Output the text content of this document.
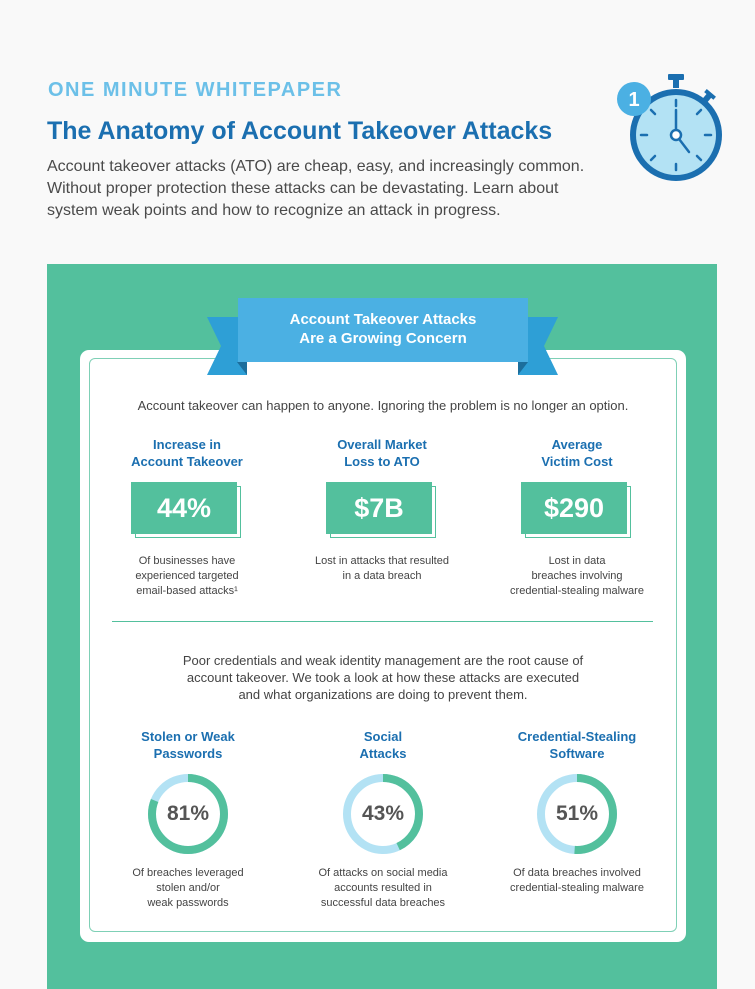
ONE MINUTE WHITEPAPER
The Anatomy of Account Takeover Attacks
Account takeover attacks (ATO) are cheap, easy, and increasingly common. Without proper protection these attacks can be devastating. Learn about system weak points and how to recognize an attack in progress.
1
Account Takeover Attacks
Are a Growing Concern
Account takeover can happen to anyone. Ignoring the problem is no longer an option.
Increase in
Account Takeover
44%
Of businesses have
experienced targeted
email-based attacks¹
Overall Market
Loss to ATO
$7B
Lost in attacks that resulted
in a data breach
Average
Victim Cost
$290
Lost in data
breaches involving
credential-stealing malware
Poor credentials and weak identity management are the root cause of
account takeover. We took a look at how these attacks are executed
and what organizations are doing to prevent them.
Stolen or Weak
Passwords
81%
Of breaches leveraged
stolen and/or
weak passwords
Social
Attacks
43%
Of attacks on social media
accounts resulted in
successful data breaches
Credential-Stealing
Software
51%
Of data breaches involved
credential-stealing malware
